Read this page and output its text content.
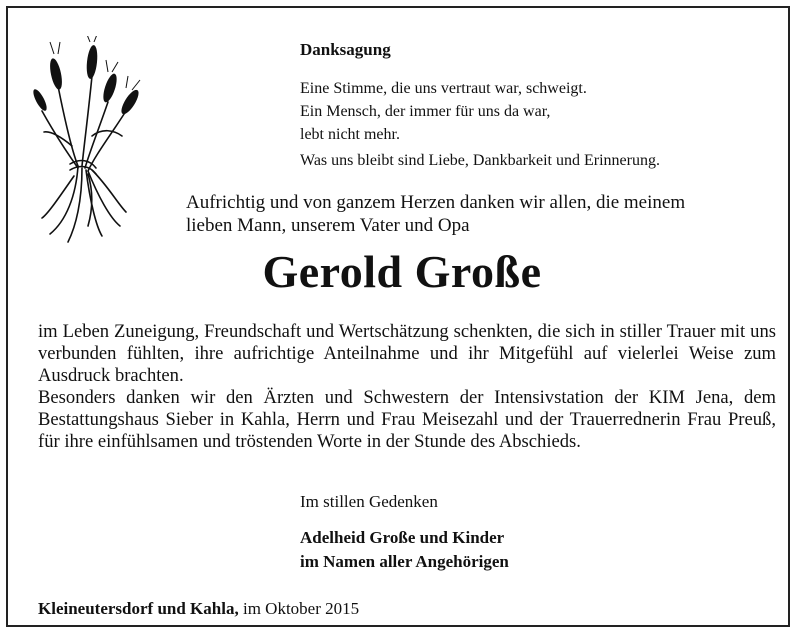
Danksagung
Eine Stimme, die uns vertraut war, schweigt.
Ein Mensch, der immer für uns da war,
lebt nicht mehr.
Was uns bleibt sind Liebe, Dankbarkeit und Erinnerung.
Aufrichtig und von ganzem Herzen danken wir allen, die meinem
lieben Mann, unserem Vater und Opa
Gerold Große

im Leben Zuneigung, Freundschaft und Wertschätzung schenkten, die sich in stiller Trauer mit uns verbunden fühlten, ihre aufrichtige Anteilnahme und ihr Mitgefühl auf vielerlei Weise zum Ausdruck brachten.

Besonders danken wir den Ärzten und Schwestern der Intensivstation der KIM Jena, dem Bestattungshaus Sieber in Kahla, Herrn und Frau Meisezahl und der Trauerrednerin Frau Preuß, für ihre einfühlsamen und tröstenden Worte in der Stunde des Abschieds.

Im stillen Gedenken
Adelheid Große und Kinder
im Namen aller Angehörigen
Kleineutersdorf und Kahla, im Oktober 2015
